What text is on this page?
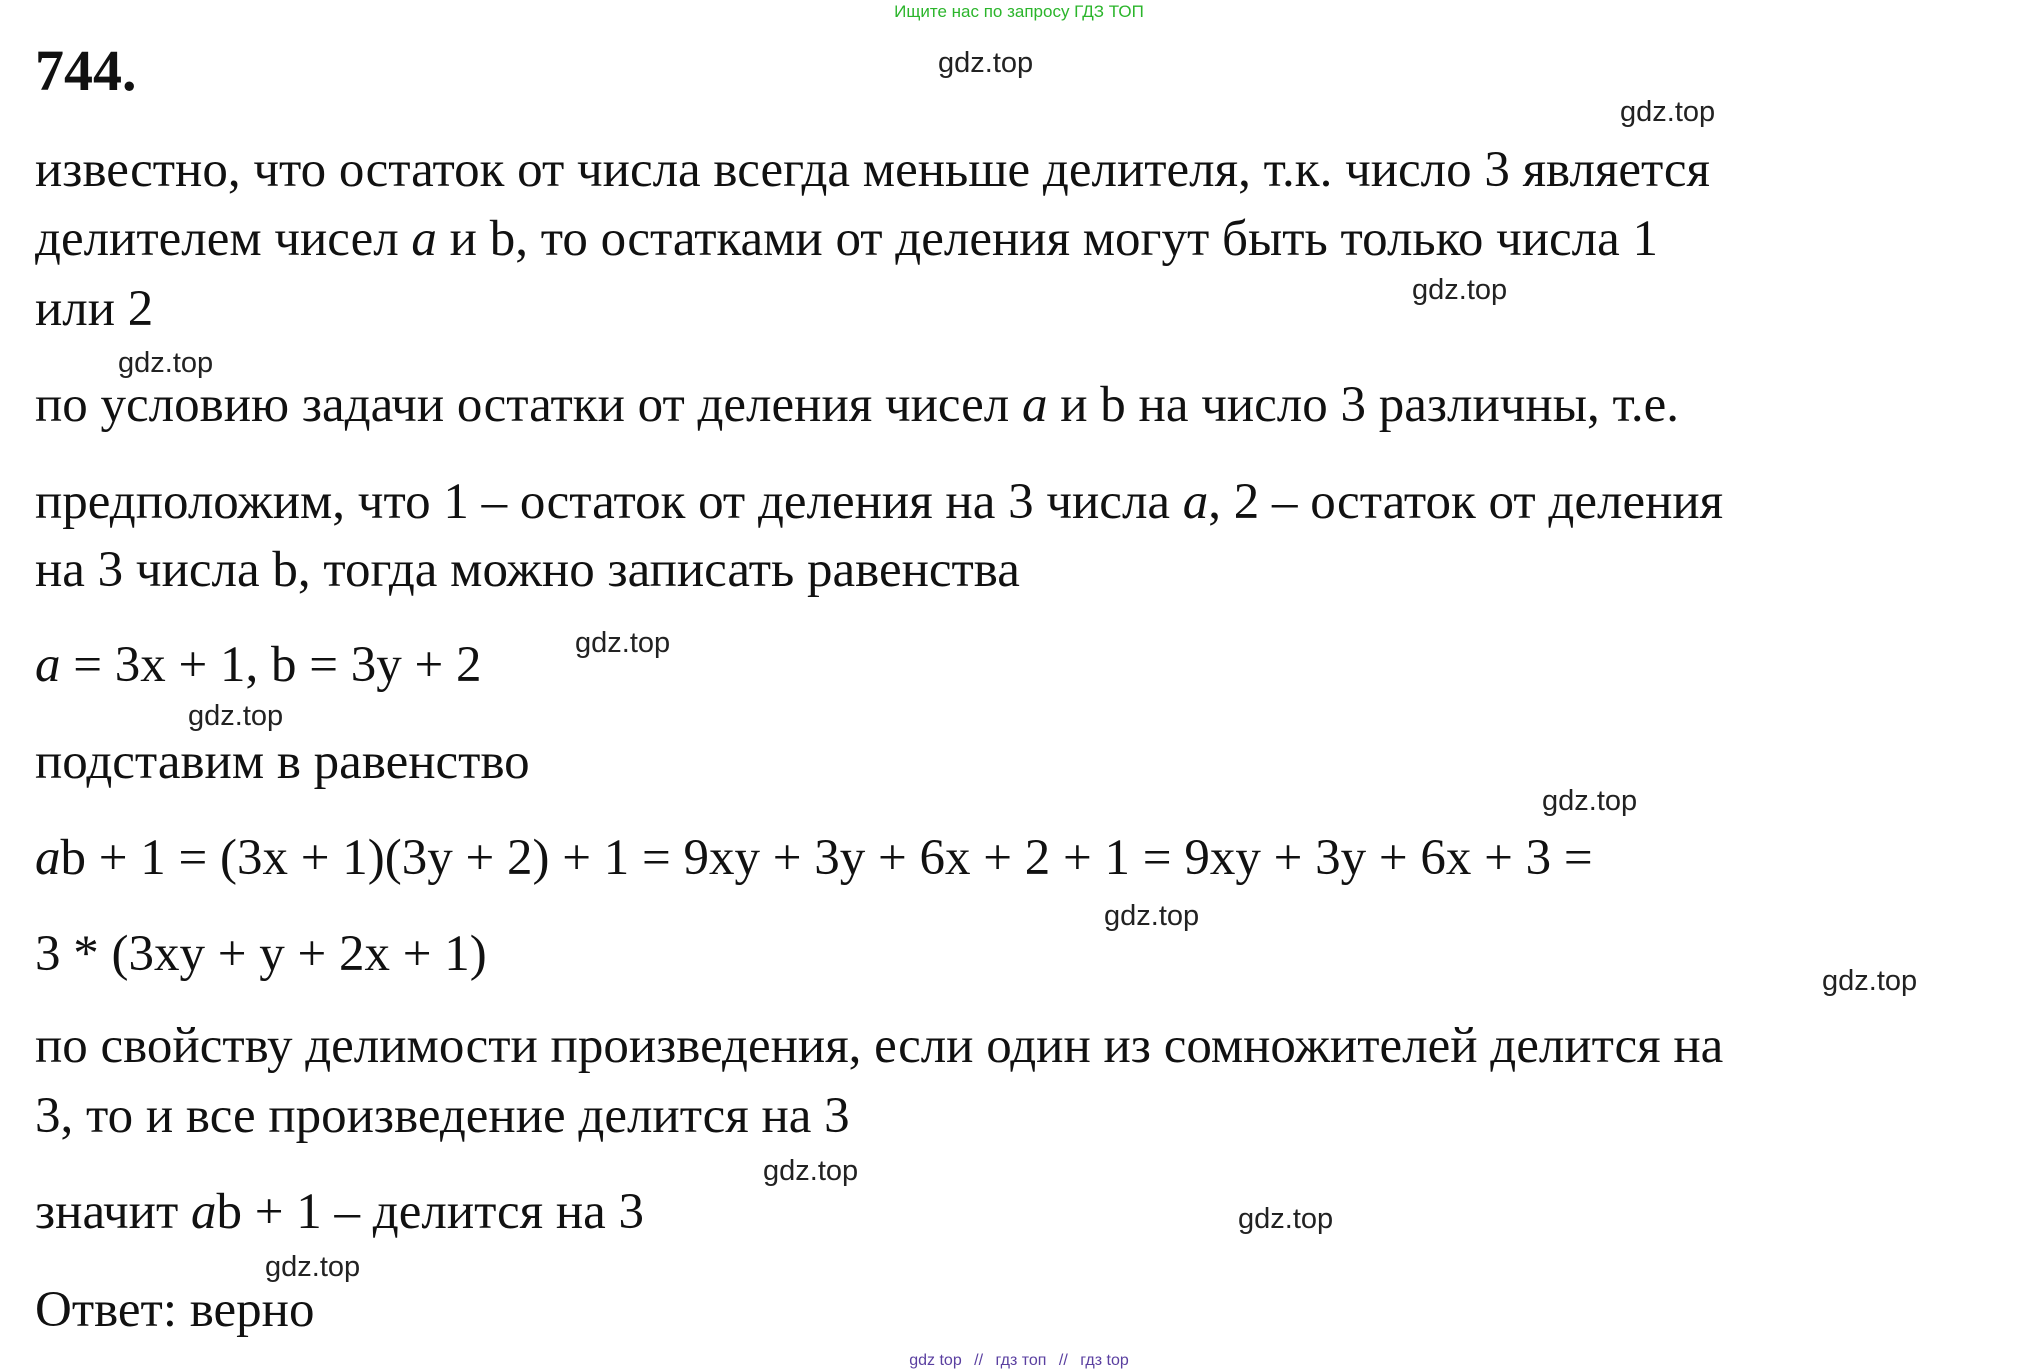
Ищите нас по запросу ГДЗ ТОП
744.	gdz.top
gdz.top
gdz.top
gdz.top
gdz.top
gdz.top
gdz.top
gdz.top
gdz.top
gdz.top
gdz.top
gdz.top
известно, что остаток от числа всегда меньше делителя, т.к. число 3 является
делителем чисел a и b, то остатками от деления могут быть только числа 1
или 2
по условию задачи остатки от деления чисел a и b на число 3 различны, т.е.
предположим, что 1 – остаток от деления на 3 числа a, 2 – остаток от деления
на 3 числа b, тогда можно записать равенства
a = 3x + 1, b = 3y + 2
подставим в равенство
ab + 1 = (3x + 1)(3y + 2) + 1 = 9xy + 3y + 6x + 2 + 1 = 9xy + 3y + 6x + 3 =
3 * (3xy + y + 2x + 1)
по свойству делимости произведения, если один из сомножителей делится на
3, то и все произведение делится на 3
значит ab + 1 – делится на 3
Ответ: верно
gdz top // гдз топ // гдз top
